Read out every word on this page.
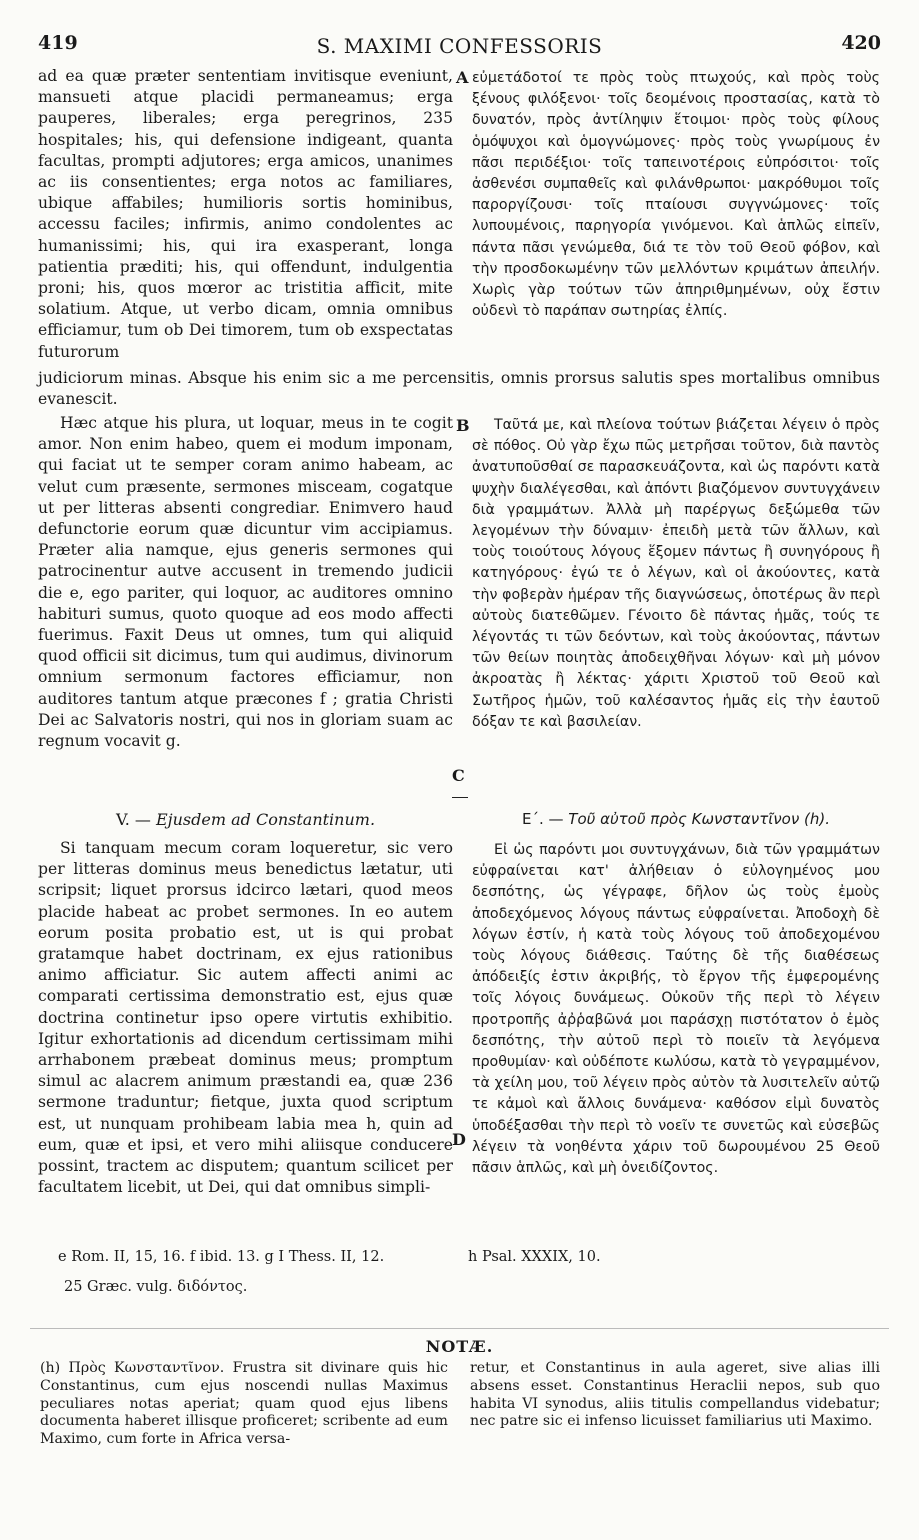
419	S. MAXIMI CONFESSORIS	420

ad ea quæ præter sententiam invitisque eveniunt, mansueti atque placidi permaneamus; erga pauperes, liberales; erga peregrinos, 235 hospitales; his, qui defensione indigeant, quanta facultas, prompti adjutores; erga amicos, unanimes ac iis consentientes; erga notos ac familiares, ubique affabiles; humilioris sortis hominibus, accessu faciles; infirmis, animo condolentes ac humanissimi; his, qui ira exasperant, longa patientia præditi; his, qui offendunt, indulgentia proni; his, quos mœror ac tristitia afficit, mite solatium. Atque, ut verbo dicam, omnia omnibus efficiamur, tum ob Dei timorem, tum ob exspectatas futurorum

A εὐμετάδοτοί τε πρὸς τοὺς πτωχούς, καὶ πρὸς τοὺς ξένους φιλόξενοι· τοῖς δεομένοις προστασίας, κατὰ τὸ δυνατόν, πρὸς ἀντίληψιν ἕτοιμοι· πρὸς τοὺς φίλους ὁμόψυχοι καὶ ὁμογνώμονες· πρὸς τοὺς γνωρίμους ἐν πᾶσι περιδέξιοι· τοῖς ταπεινοτέροις εὐπρόσιτοι· τοῖς ἀσθενέσι συμπαθεῖς καὶ φιλάνθρωποι· μακρόθυμοι τοῖς παροργίζουσι· τοῖς πταίουσι συγγνώμονες· τοῖς λυπουμένοις, παρηγορία γινόμενοι. Καὶ ἁπλῶς εἰπεῖν, πάντα πᾶσι γενώμεθα, διά τε τὸν τοῦ Θεοῦ φόβον, καὶ τὴν προσδοκωμένην τῶν μελλόντων κριμάτων ἀπειλήν. Χωρὶς γὰρ τούτων τῶν ἀπηριθμημένων, οὐχ ἔστιν οὐδενὶ τὸ παράπαν σωτηρίας ἐλπίς.

judiciorum minas. Absque his enim sic a me percensitis, omnis prorsus salutis spes mortalibus omnibus evanescit.

Hæc atque his plura, ut loquar, meus in te cogit amor. Non enim habeo, quem ei modum imponam, qui faciat ut te semper coram animo habeam, ac velut cum præsente, sermones misceam, cogatque ut per litteras absenti congrediar. Enimvero haud defunctorie eorum quæ dicuntur vim accipiamus. Præter alia namque, ejus generis sermones qui patrocinentur autve accusent in tremendo judicii die e, ego pariter, qui loquor, ac auditores omnino habituri sumus, quoto quoque ad eos modo affecti fuerimus. Faxit Deus ut omnes, tum qui aliquid quod officii sit dicimus, tum qui audimus, divinorum omnium sermonum factores efficiamur, non auditores tantum atque præcones f ; gratia Christi Dei ac Salvatoris nostri, qui nos in gloriam suam ac regnum vocavit g.

B	Ταῦτά με, καὶ πλείονα τούτων βιάζεται λέγειν ὁ πρὸς σὲ πόθος. Οὐ γὰρ ἔχω πῶς μετρῆσαι τοῦτον, διὰ παντὸς ἀνατυποῦσθαί σε παρασκευάζοντα, καὶ ὡς παρόντι κατὰ ψυχὴν διαλέγεσθαι, καὶ ἀπόντι βιαζόμενον συντυγχάνειν διὰ γραμμάτων. Ἀλλὰ μὴ παρέργως δεξώμεθα τῶν λεγομένων τὴν δύναμιν· ἐπειδὴ μετὰ τῶν ἄλλων, καὶ τοὺς τοιούτους λόγους ἕξομεν πάντως ἢ συνηγόρους ἢ κατηγόρους· ἐγώ τε ὁ λέγων, καὶ οἱ ἀκούοντες, κατὰ τὴν φοβερὰν ἡμέραν τῆς διαγνώσεως, ὁποτέρως ἂν περὶ αὐτοὺς διατεθῶμεν. Γένοιτο δὲ πάντας ἡμᾶς, τούς τε λέγοντάς τι τῶν δεόντων, καὶ τοὺς ἀκούοντας, πάντων τῶν θείων ποιητὰς ἀποδειχθῆναι λόγων· καὶ μὴ μόνον ἀκροατὰς ἢ λέκτας· χάριτι Χριστοῦ τοῦ Θεοῦ καὶ Σωτῆρος ἡμῶν, τοῦ καλέσαντος ἡμᾶς εἰς τὴν ἑαυτοῦ δόξαν τε καὶ βασιλείαν.

C
V. — Ejusdem ad Constantinum.	Ε΄. — Τοῦ αὐτοῦ πρὸς Κωνσταντῖνον (h).

Si tanquam mecum coram loqueretur, sic vero per litteras dominus meus benedictus lætatur, uti scripsit; liquet prorsus idcirco lætari, quod meos placide habeat ac probet sermones. In eo autem eorum posita probatio est, ut is qui probat gratamque habet doctrinam, ex ejus rationibus animo afficiatur. Sic autem affecti animi ac comparati certissima demonstratio est, ejus quæ doctrina continetur ipso opere virtutis exhibitio. Igitur exhortationis ad dicendum certissimam mihi arrhabonem præbeat dominus meus; promptum simul ac alacrem animum præstandi ea, quæ 236 sermone traduntur; fietque, juxta quod scriptum est, ut nunquam prohibeam labia mea h, quin ad eum, quæ et ipsi, et vero mihi aliisque conducere possint, tractem ac disputem; quantum scilicet per facultatem licebit, ut Dei, qui dat omnibus simpli-

Εἰ ὡς παρόντι μοι συντυγχάνων, διὰ τῶν γραμμάτων εὐφραίνεται κατ' ἀλήθειαν ὁ εὐλογημένος μου δεσπότης, ὡς γέγραφε, δῆλον ὡς τοὺς ἐμοὺς ἀποδεχόμενος λόγους πάντως εὐφραίνεται. Ἀποδοχὴ δὲ λόγων ἐστίν, ἡ κατὰ τοὺς λόγους τοῦ ἀποδεχομένου τοὺς λόγους διάθεσις. Ταύτης δὲ τῆς διαθέσεως ἀπόδειξίς ἐστιν ἀκριβής, τὸ ἔργον τῆς ἐμφερομένης τοῖς λόγοις δυνάμεως. Οὐκοῦν τῆς περὶ τὸ λέγειν προτροπῆς ἀῤῥαβῶνά μοι παράσχῃ πιστότατον ὁ ἐμὸς δεσπότης, τὴν αὐτοῦ περὶ τὸ ποιεῖν τὰ λεγόμενα προθυμίαν· καὶ οὐδέποτε κωλύσω, κατὰ τὸ γεγραμμένον, τὰ χείλη μου, τοῦ λέγειν πρὸς αὐτὸν τὰ λυσιτελεῖν αὐτῷ τε κἀμοὶ καὶ ἄλλοις δυνάμενα· καθόσον εἰμὶ δυνατὸς ὑποδέξασθαι τὴν περὶ τὸ νοεῖν τε συνετῶς καὶ εὐσεβῶς λέγειν τὰ νοηθέντα χάριν τοῦ δωρουμένου 25 Θεοῦ πᾶσιν ἁπλῶς, καὶ μὴ ὀνειδίζοντος.

D
e Rom. II, 15, 16. f ibid. 13. g I Thess. II, 12.	h Psal. XXXIX, 10.
25 Græc. vulg. διδόντος.
NOTÆ.
(h) Πρὸς Κωνσταντῖνον. Frustra sit divinare quis hic Constantinus, cum ejus noscendi nullas Maximus peculiares notas aperiat; quam quod ejus libens documenta haberet illisque proficeret; scribente ad eum Maximo, cum forte in Africa versa-
retur, et Constantinus in aula ageret, sive alias illi absens esset. Constantinus Heraclii nepos, sub quo habita VI synodus, aliis titulis compellandus videbatur; nec patre sic ei infenso licuisset familiarius uti Maximo.
